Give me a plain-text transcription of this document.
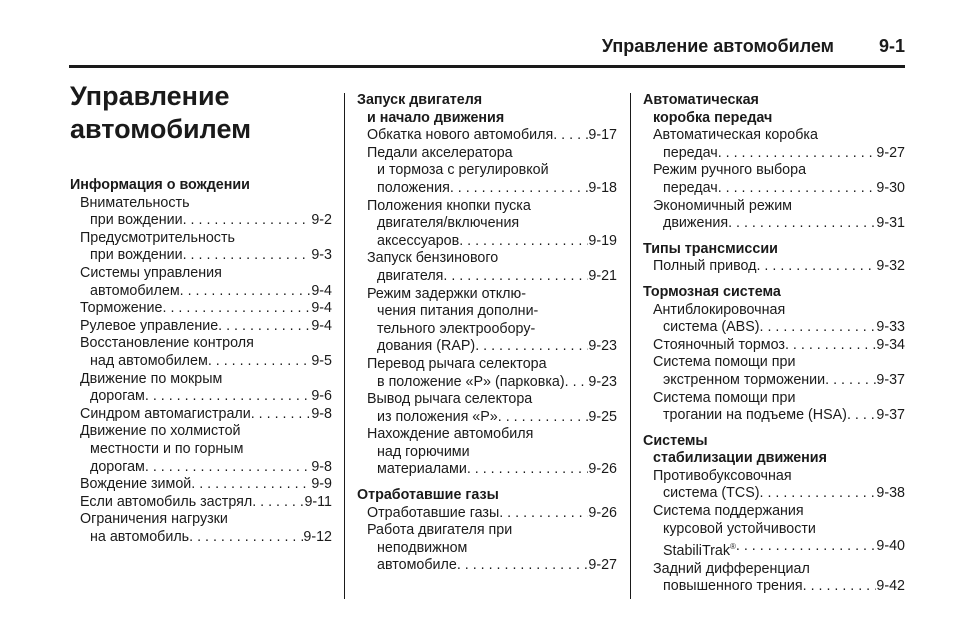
Управление автомобилем 9-1
Управление
автомобилем
Информация о вождении
Внимательность
при вождении . . .	9-2
Предусмотрительность
при вождении . . .	9-3
Системы управления
автомобилем . . .	9-4
Торможение . . .	9-4
Рулевое управление . . .	9-4
Восстановление контроля
над автомобилем . . .	9-5
Движение по мокрым
дорогам . . .	9-6
Синдром автомагистрали . . .	9-8
Движение по холмистой
местности и по горным
дорогам . . .	9-8
Вождение зимой . . .	9-9
Если автомобиль застрял . . .	9-11
Ограничения нагрузки
на автомобиль . . .	9-12
Запуск двигателя
и начало движения
Обкатка нового автомобиля . . . 9-17
Педали акселератора
и тормоза с регулировкой
положения . . .	9-18
Положения кнопки пуска
двигателя/включения
аксессуаров . . .	9-19
Запуск бензинового
двигателя . . .	9-21
Режим задержки отклю-
чения питания дополни-
тельного электрообору-
дования (RAP) . . .	9-23
Перевод рычага селектора
в положение «P» (парковка) . . . 9-23
Вывод рычага селектора
из положения «P» . . .	9-25
Нахождение автомобиля
над горючими
материалами . . .	9-26
Отработавшие газы
Отработавшие газы . . .	9-26
Работа двигателя при
неподвижном
автомобиле . . .	9-27
Автоматическая
коробка передач
Автоматическая коробка
передач . . .	9-27
Режим ручного выбора
передач . . .	9-30
Экономичный режим
движения . . .	9-31
Типы трансмиссии
Полный привод . . .	9-32
Тормозная система
Антиблокировочная
система (ABS) . . .	9-33
Стояночный тормоз . . .	9-34
Система помощи при
экстренном торможении . . .	9-37
Система помощи при
трогании на подъеме (HSA) . . . 9-37
Системы
стабилизации движения
Противобуксовочная
система (TCS) . . .	9-38
Система поддержания
курсовой устойчивости
StabiliTrak® . . .	9-40
Задний дифференциал
повышенного трения . . .	9-42
